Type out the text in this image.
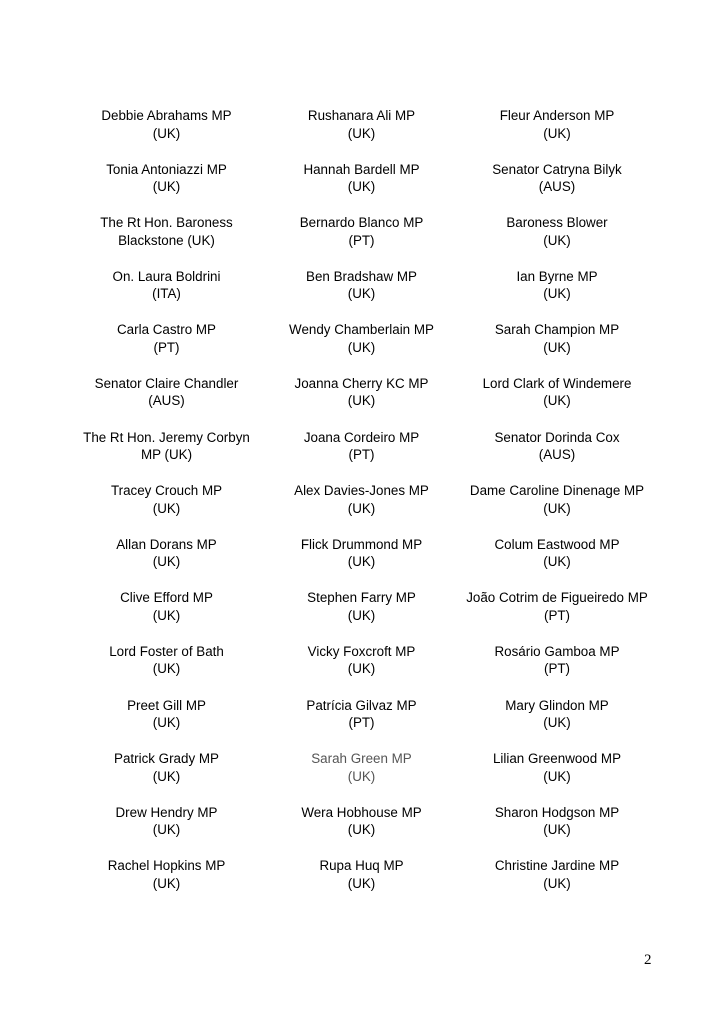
Debbie Abrahams MP
(UK)
Rushanara Ali MP
(UK)
Fleur Anderson MP
(UK)
Tonia Antoniazzi MP
(UK)
Hannah Bardell MP
(UK)
Senator Catryna Bilyk
(AUS)
The Rt Hon. Baroness
Blackstone (UK)
Bernardo Blanco MP
(PT)
Baroness Blower
(UK)
On. Laura Boldrini
(ITA)
Ben Bradshaw MP
(UK)
Ian Byrne MP
(UK)
Carla Castro MP
(PT)
Wendy Chamberlain MP
(UK)
Sarah Champion MP
(UK)
Senator Claire Chandler
(AUS)
Joanna Cherry KC MP
(UK)
Lord Clark of Windemere
(UK)
The Rt Hon. Jeremy Corbyn
MP (UK)
Joana Cordeiro MP
(PT)
Senator Dorinda Cox
(AUS)
Tracey Crouch MP
(UK)
Alex Davies-Jones MP
(UK)
Dame Caroline Dinenage MP
(UK)
Allan Dorans MP
(UK)
Flick Drummond MP
(UK)
Colum Eastwood MP
(UK)
Clive Efford MP
(UK)
Stephen Farry MP
(UK)
João Cotrim de Figueiredo MP
(PT)
Lord Foster of Bath
(UK)
Vicky Foxcroft MP
(UK)
Rosário Gamboa MP
(PT)
Preet Gill MP
(UK)
Patrícia Gilvaz MP
(PT)
Mary Glindon MP
(UK)
Patrick Grady MP
(UK)
Sarah Green MP
(UK)
Lilian Greenwood MP
(UK)
Drew Hendry MP
(UK)
Wera Hobhouse MP
(UK)
Sharon Hodgson MP
(UK)
Rachel Hopkins MP
(UK)
Rupa Huq MP
(UK)
Christine Jardine MP
(UK)
2
